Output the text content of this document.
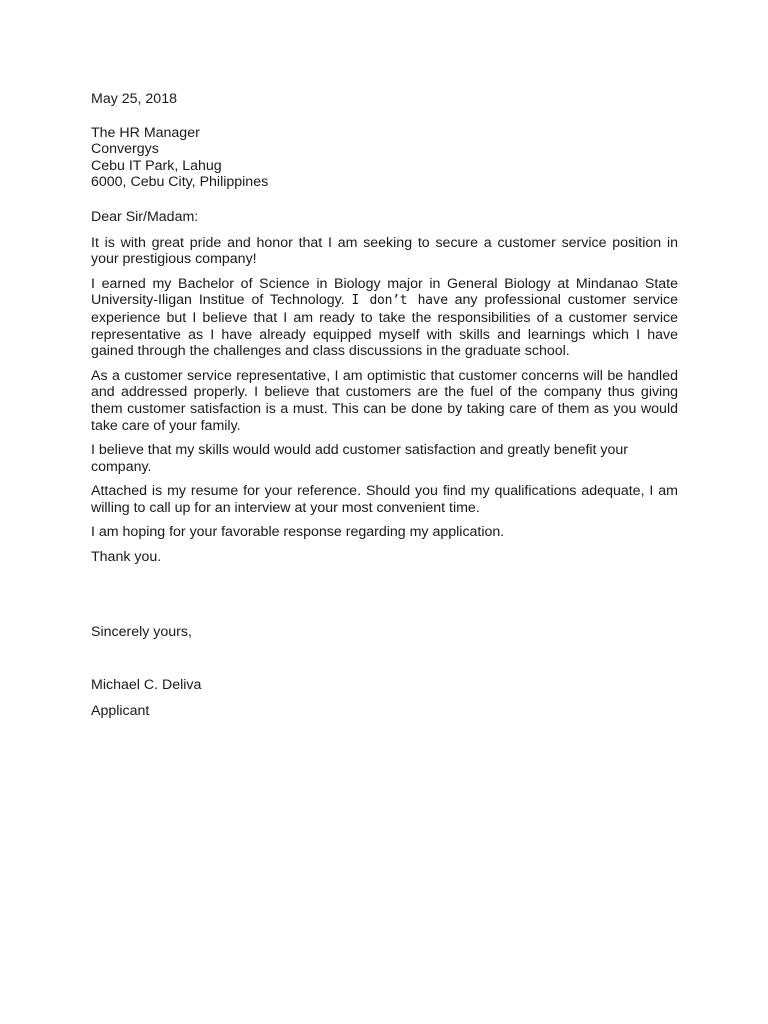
May 25, 2018
The HR Manager
Convergys
Cebu IT Park, Lahug
6000, Cebu City, Philippines
Dear Sir/Madam:

It is with great pride and honor that I am seeking to secure a customer service position in your prestigious company!

I earned my Bachelor of Science in Biology major in General Biology at Mindanao State University-Iligan Institue of Technology. I don’t have any professional customer service experience but I believe that I am ready to take the responsibilities of a customer service representative as I have already equipped myself with skills and learnings which I have gained through the challenges and class discussions in the graduate school.

As a customer service representative, I am optimistic that customer concerns will be handled and addressed properly. I believe that customers are the fuel of the company thus giving them customer satisfaction is a must. This can be done by taking care of them as you would take care of your family.

I believe that my skills would would add customer satisfaction and greatly benefit your company.

Attached is my resume for your reference. Should you find my qualifications adequate, I am willing to call up for an interview at your most convenient time.

I am hoping for your favorable response regarding my application.

Thank you.

Sincerely yours,
Michael C. Deliva
Applicant
